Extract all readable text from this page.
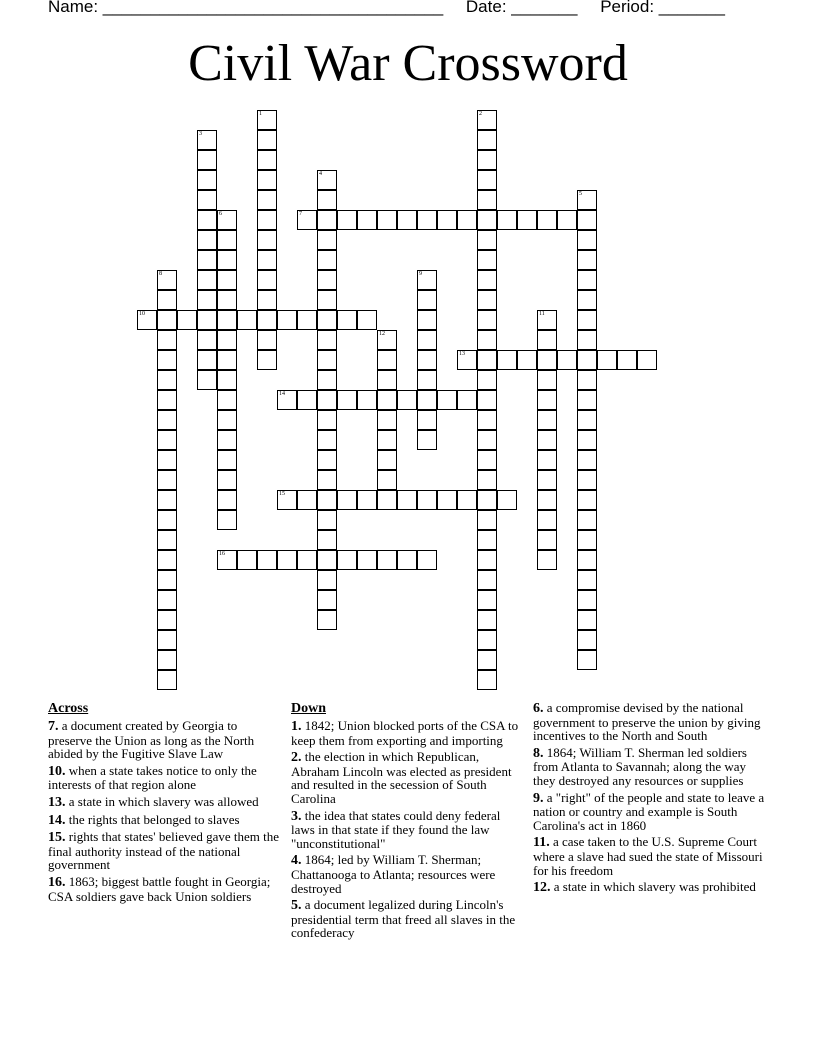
Name: ____________________________________ Date: _______ Period: _______
Civil War Crossword
1	2
3
4
5
6	7
8	9
10	11
12
13
14
15
16
Across
7. a document created by Georgia to preserve the Union as long as the North abided by the Fugitive Slave Law
10. when a state takes notice to only the interests of that region alone
13. a state in which slavery was allowed
14. the rights that belonged to slaves
15. rights that states' believed gave them the final authority instead of the national government
16. 1863; biggest battle fought in Georgia; CSA soldiers gave back Union soldiers
Down
1. 1842; Union blocked ports of the CSA to keep them from exporting and importing
2. the election in which Republican, Abraham Lincoln was elected as president and resulted in the secession of South Carolina
3. the idea that states could deny federal laws in that state if they found the law "unconstitutional"
4. 1864; led by William T. Sherman; Chattanooga to Atlanta; resources were destroyed
5. a document legalized during Lincoln's presidential term that freed all slaves in the confederacy
6. a compromise devised by the national government to preserve the union by giving incentives to the North and South
8. 1864; William T. Sherman led soldiers from Atlanta to Savannah; along the way they destroyed any resources or supplies
9. a "right" of the people and state to leave a nation or country and example is South Carolina's act in 1860
11. a case taken to the U.S. Supreme Court where a slave had sued the state of Missouri for his freedom
12. a state in which slavery was prohibited
